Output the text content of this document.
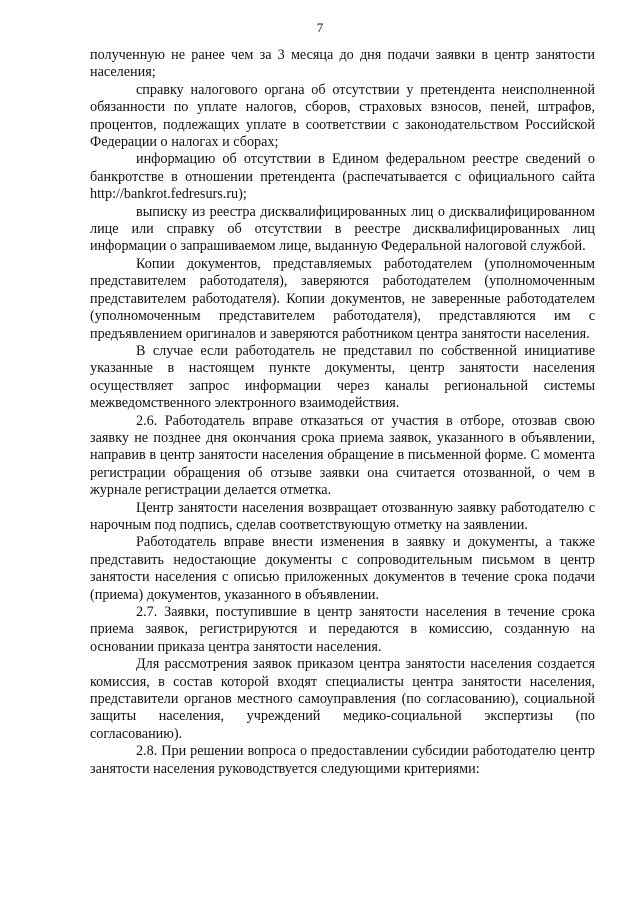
7

полученную не ранее чем за 3 месяца до дня подачи заявки в центр занятости населения;

справку налогового органа об отсутствии у претендента неисполненной обязанности по уплате налогов, сборов, страховых взносов, пеней, штрафов, процентов, подлежащих уплате в соответствии с законодательством Российской Федерации о налогах и сборах;

информацию об отсутствии в Едином федеральном реестре сведений о банкротстве в отношении претендента (распечатывается с официального сайта http://bankrot.fedresurs.ru);

выписку из реестра дисквалифицированных лиц о дисквалифицированном лице или справку об отсутствии в реестре дисквалифицированных лиц информации о запрашиваемом лице, выданную Федеральной налоговой службой.

Копии документов, представляемых работодателем (уполномоченным представителем работодателя), заверяются работодателем (уполномоченным представителем работодателя). Копии документов, не заверенные работодателем (уполномоченным представителем работодателя), представляются им с предъявлением оригиналов и заверяются работником центра занятости населения.

В случае если работодатель не представил по собственной инициативе указанные в настоящем пункте документы, центр занятости населения осуществляет запрос информации через каналы региональной системы межведомственного электронного взаимодействия.

2.6. Работодатель вправе отказаться от участия в отборе, отозвав свою заявку не позднее дня окончания срока приема заявок, указанного в объявлении, направив в центр занятости населения обращение в письменной форме. С момента регистрации обращения об отзыве заявки она считается отозванной, о чем в журнале регистрации делается отметка.

Центр занятости населения возвращает отозванную заявку работодателю с нарочным под подпись, сделав соответствующую отметку на заявлении.

Работодатель вправе внести изменения в заявку и документы, а также представить недостающие документы с сопроводительным письмом в центр занятости населения с описью приложенных документов в течение срока подачи (приема) документов, указанного в объявлении.

2.7. Заявки, поступившие в центр занятости населения в течение срока приема заявок, регистрируются и передаются в комиссию, созданную на основании приказа центра занятости населения.

Для рассмотрения заявок приказом центра занятости населения создается комиссия, в состав которой входят специалисты центра занятости населения, представители органов местного самоуправления (по согласованию), социальной защиты населения, учреждений медико-социальной экспертизы (по согласованию).

2.8. При решении вопроса о предоставлении субсидии работодателю центр занятости населения руководствуется следующими критериями:
